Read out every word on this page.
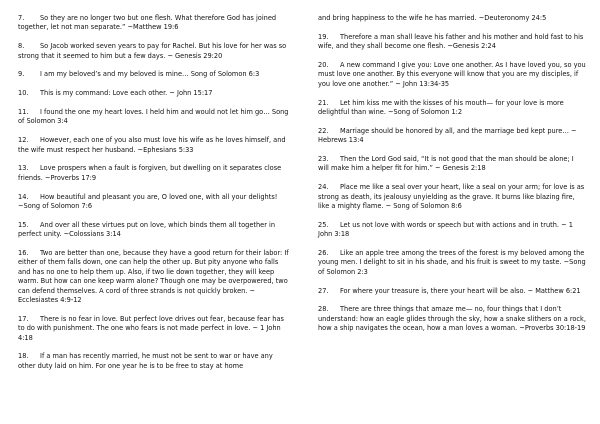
7. So they are no longer two but one flesh. What therefore God has joined together, let not man separate.” ~Matthew 19:6

8. So Jacob worked seven years to pay for Rachel. But his love for her was so strong that it seemed to him but a few days. ~ Genesis 29:20

9. I am my beloved’s and my beloved is mine… Song of Solomon 6:3

10. This is my command: Love each other. ~ John 15:17

11. I found the one my heart loves. I held him and would not let him go… Song of Solomon 3:4

12. However, each one of you also must love his wife as he loves himself, and the wife must respect her husband. ~Ephesians 5:33

13. Love prospers when a fault is forgiven, but dwelling on it separates close friends. ~Proverbs 17:9

14. How beautiful and pleasant you are, O loved one, with all your delights! ~Song of Solomon 7:6

15. And over all these virtues put on love, which binds them all together in perfect unity. ~Colossians 3:14

16. Two are better than one, because they have a good return for their labor: If either of them falls down, one can help the other up. But pity anyone who falls and has no one to help them up. Also, if two lie down together, they will keep warm. But how can one keep warm alone? Though one may be overpowered, two can defend themselves. A cord of three strands is not quickly broken. ~ Ecclesiastes 4:9-12

17. There is no fear in love. But perfect love drives out fear, because fear has to do with punishment. The one who fears is not made perfect in love. ~ 1 John 4:18

18. If a man has recently married, he must not be sent to war or have any other duty laid on him. For one year he is to be free to stay at home

and bring happiness to the wife he has married. ~Deuteronomy 24:5

19. Therefore a man shall leave his father and his mother and hold fast to his wife, and they shall become one flesh. ~Genesis 2:24

20. A new command I give you: Love one another. As I have loved you, so you must love one another. By this everyone will know that you are my disciples, if you love one another.” ~ John 13:34-35

21. Let him kiss me with the kisses of his mouth— for your love is more delightful than wine. ~Song of Solomon 1:2

22. Marriage should be honored by all, and the marriage bed kept pure… ~ Hebrews 13:4

23. Then the Lord God said, “It is not good that the man should be alone; I will make him a helper fit for him.” ~ Genesis 2:18

24. Place me like a seal over your heart, like a seal on your arm; for love is as strong as death, its jealousy unyielding as the grave. It burns like blazing fire, like a mighty flame. ~ Song of Solomon 8:6

25. Let us not love with words or speech but with actions and in truth. ~ 1 John 3:18

26. Like an apple tree among the trees of the forest is my beloved among the young men. I delight to sit in his shade, and his fruit is sweet to my taste. ~Song of Solomon 2:3

27. For where your treasure is, there your heart will be also. ~ Matthew 6:21

28. There are three things that amaze me— no, four things that I don’t understand: how an eagle glides through the sky, how a snake slithers on a rock, how a ship navigates the ocean, how a man loves a woman. ~Proverbs 30:18-19
